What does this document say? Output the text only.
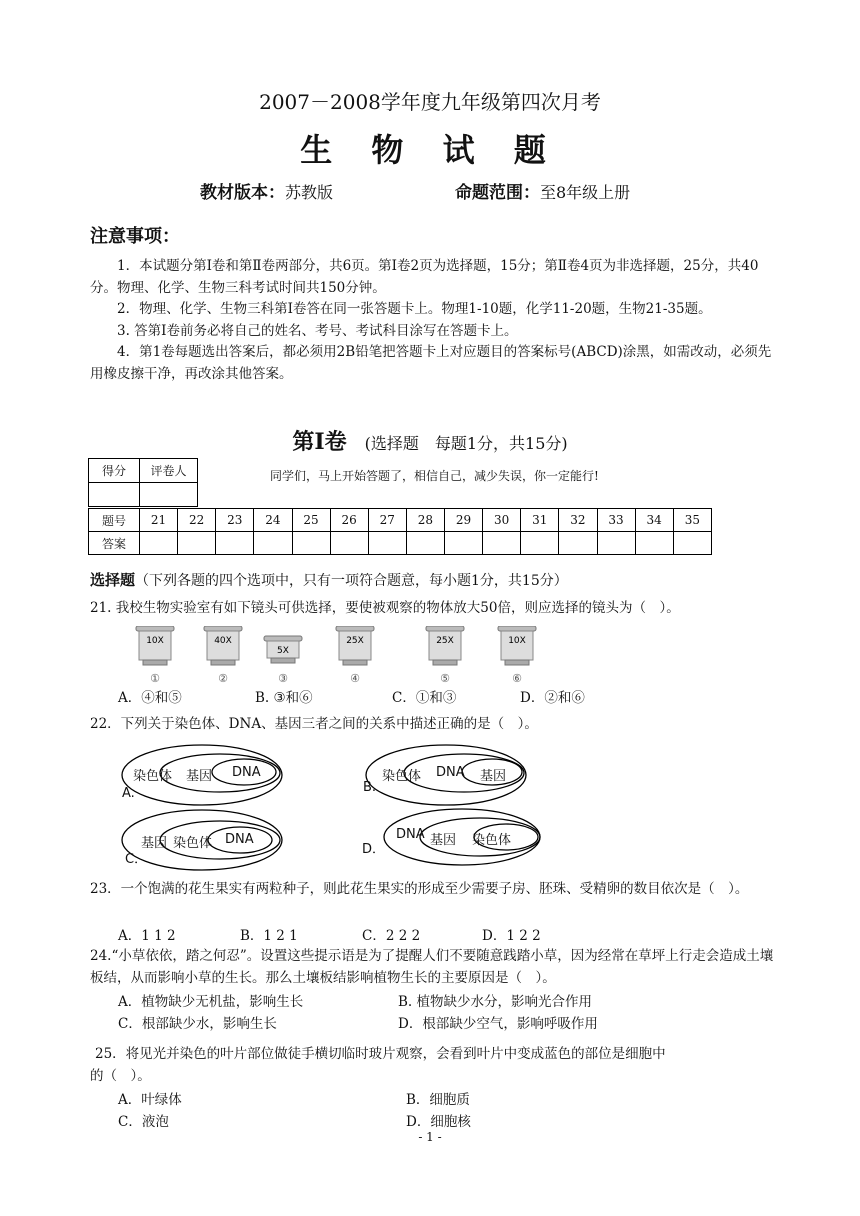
2007－2008学年度九年级第四次月考
生 物 试 题
教材版本：苏教版	命题范围：至8年级上册
注意事项：

1．本试题分第Ⅰ卷和第Ⅱ卷两部分，共6页。第Ⅰ卷2页为选择题，15分；第Ⅱ卷4页为非选择题，25分，共40分。物理、化学、生物三科考试时间共150分钟。

2．物理、化学、生物三科第Ⅰ卷答在同一张答题卡上。物理1-10题，化学11-20题，生物21-35题。

3. 答第Ⅰ卷前务必将自己的姓名、考号、考试科目涂写在答题卡上。

4．第1卷每题选出答案后，都必须用2B铅笔把答题卡上对应题目的答案标号(ABCD)涂黑，如需改动，必须先用橡皮擦干净，再改涂其他答案。

第Ⅰ卷 (选择题　每题1分，共15分)
得分	评卷人
		同学们，马上开始答题了，相信自己，减少失误，你一定能行!
题号	21	22	23	24	25	26	27	28	29	30	31	32	33	34	35
答案															
选择题（下列各题的四个选项中，只有一项符合题意，每小题1分，共15分）
21. 我校生物实验室有如下镜头可供选择，要使被观察的物体放大50倍，则应选择的镜头为（　）。
10X
①
40X
②
5X
③
25X
④
25X
⑤
10X
⑥
A．④和⑤	B. ③和⑥	C．①和③	D．②和⑥
22．下列关于染色体、DNA、基因三者之间的关系中描述正确的是（　）。
染色体 基因 DNA
A.
染色体 DNA 基因
B.
基因 染色体 DNA
C．
DNA 基因 染色体
D．
23．一个饱满的花生果实有两粒种子，则此花生果实的形成至少需要子房、胚珠、受精卵的数目依次是（　）。
A．1 1 2	B．1 2 1	C．2 2 2	D．1 2 2
24.“小草依依，踏之何忍”。设置这些提示语是为了提醒人们不要随意践踏小草，因为经常在草坪上行走会造成土壤板结，从而影响小草的生长。那么土壤板结影响植物生长的主要原因是（　）。
A．植物缺少无机盐，影响生长	B. 植物缺少水分，影响光合作用
C．根部缺少水，影响生长	D．根部缺少空气，影响呼吸作用
25．将见光并染色的叶片部位做徒手横切临时玻片观察，会看到叶片中变成蓝色的部位是细胞中
的（　）。
A．叶绿体	B．细胞质
C．液泡	D．细胞核
- 1 -
